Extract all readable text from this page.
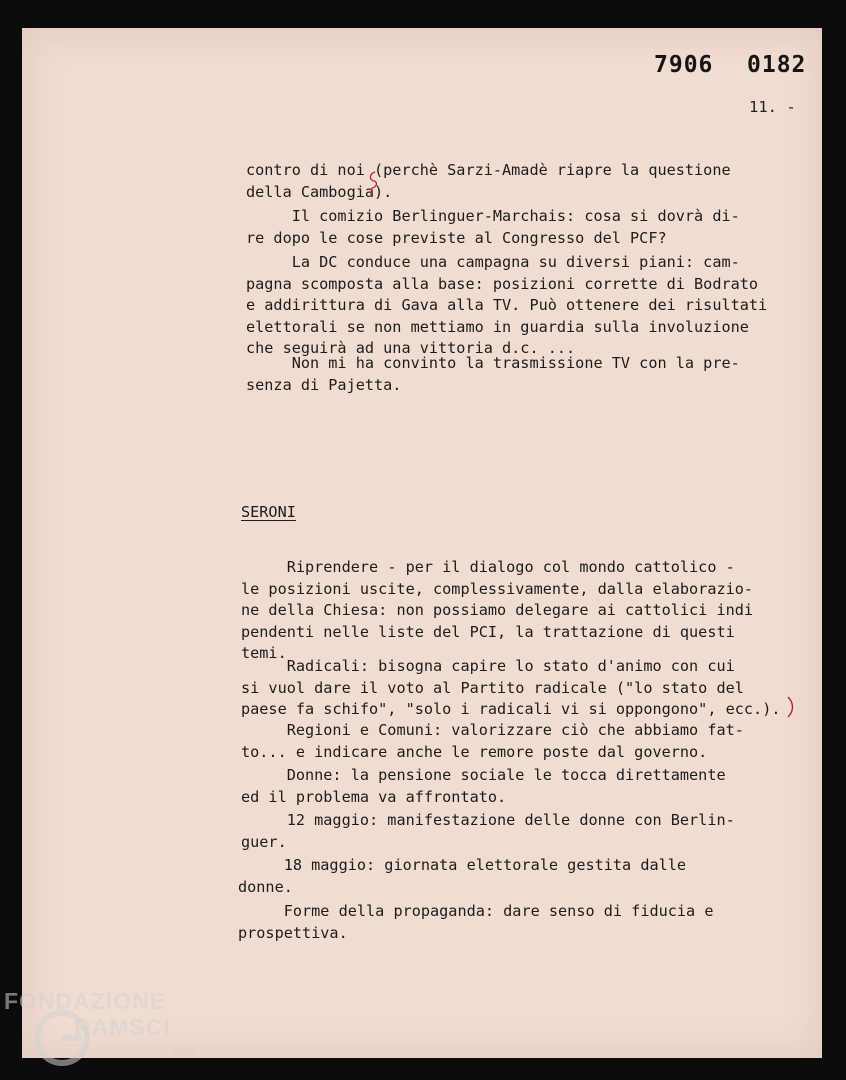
7906 0182
11. -
contro di noi (perchè Sarzi-Amadè riapre la questione
della Cambogia).
Il comizio Berlinguer-Marchais: cosa si dovrà di-
re dopo le cose previste al Congresso del PCF?
La DC conduce una campagna su diversi piani: cam-
pagna scomposta alla base: posizioni corrette di Bodrato
e addirittura di Gava alla TV. Può ottenere dei risultati
elettorali se non mettiamo in guardia sulla involuzione
che seguirà ad una vittoria d.c. ...
Non mi ha convinto la trasmissione TV con la pre-
senza di Pajetta.
SERONI
Riprendere - per il dialogo col mondo cattolico -
le posizioni uscite, complessivamente, dalla elaborazio-
ne della Chiesa: non possiamo delegare ai cattolici indi
pendenti nelle liste del PCI, la trattazione di questi
temi.
Radicali: bisogna capire lo stato d'animo con cui
si vuol dare il voto al Partito radicale ("lo stato del
paese fa schifo", "solo i radicali vi si oppongono", ecc.).
Regioni e Comuni: valorizzare ciò che abbiamo fat-
to... e indicare anche le remore poste dal governo.
Donne: la pensione sociale le tocca direttamente
ed il problema va affrontato.
12 maggio: manifestazione delle donne con Berlin-
guer.
18 maggio: giornata elettorale gestita dalle
donne.
Forme della propaganda: dare senso di fiducia e
prospettiva.
FONDAZIONE
RAMSCI
onlus
